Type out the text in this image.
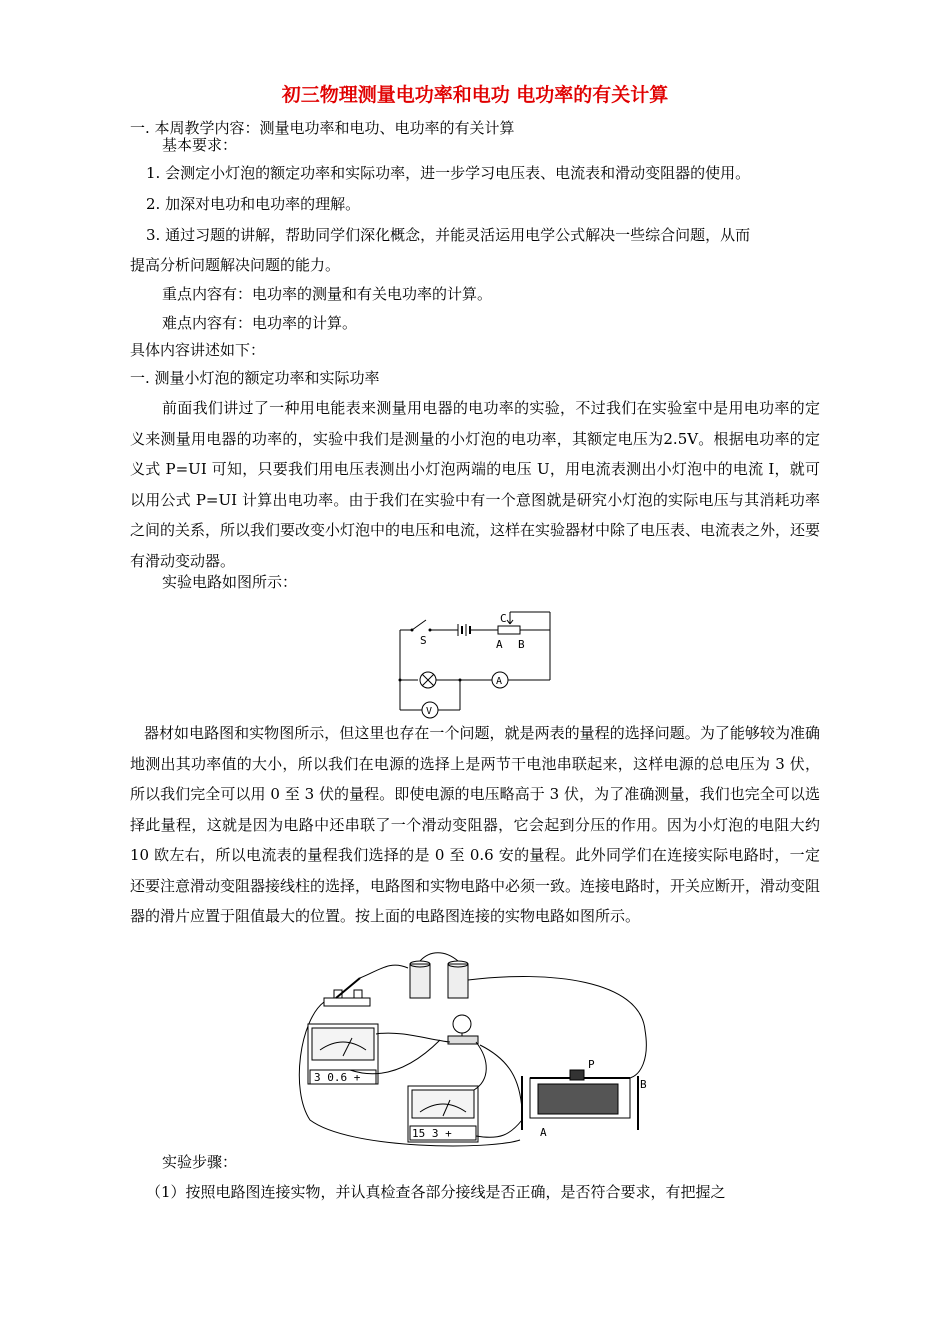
初三物理测量电功率和电功 电功率的有关计算
一. 本周教学内容：测量电功率和电功、电功率的有关计算
基本要求：
1. 会测定小灯泡的额定功率和实际功率，进一步学习电压表、电流表和滑动变阻器的使用。
2. 加深对电功和电功率的理解。
3. 通过习题的讲解，帮助同学们深化概念，并能灵活运用电学公式解决一些综合问题，从而
提高分析问题解决问题的能力。
重点内容有：电功率的测量和有关电功率的计算。
难点内容有：电功率的计算。
具体内容讲述如下：
一. 测量小灯泡的额定功率和实际功率
前面我们讲过了一种用电能表来测量用电器的电功率的实验，不过我们在实验室中是用电功率的定义来测量用电器的功率的，实验中我们是测量的小灯泡的电功率，其额定电压为2.5V。根据电功率的定义式 P=UI 可知，只要我们用电压表测出小灯泡两端的电压 U，用电流表测出小灯泡中的电流 I，就可以用公式 P=UI 计算出电功率。由于我们在实验中有一个意图就是研究小灯泡的实际电压与其消耗功率之间的关系，所以我们要改变小灯泡中的电压和电流，这样在实验器材中除了电压表、电流表之外，还要有滑动变动器。
实验电路如图所示：
S
C
A B
A
V
器材如电路图和实物图所示，但这里也存在一个问题，就是两表的量程的选择问题。为了能够较为准确地测出其功率值的大小，所以我们在电源的选择上是两节干电池串联起来，这样电源的总电压为 3 伏，所以我们完全可以用 0 至 3 伏的量程。即使电源的电压略高于 3 伏，为了准确测量，我们也完全可以选择此量程，这就是因为电路中还串联了一个滑动变阻器，它会起到分压的作用。因为小灯泡的电阻大约 10 欧左右，所以电流表的量程我们选择的是 0 至 0.6 安的量程。此外同学们在连接实际电路时，一定还要注意滑动变阻器接线柱的选择，电路图和实物电路中必须一致。连接电路时，开关应断开，滑动变阻器的滑片应置于阻值最大的位置。按上面的电路图连接的实物电路如图所示。
P
B
A
3 0.6 +
15 3 +
实验步骤：
（1）按照电路图连接实物，并认真检查各部分接线是否正确，是否符合要求，有把握之
